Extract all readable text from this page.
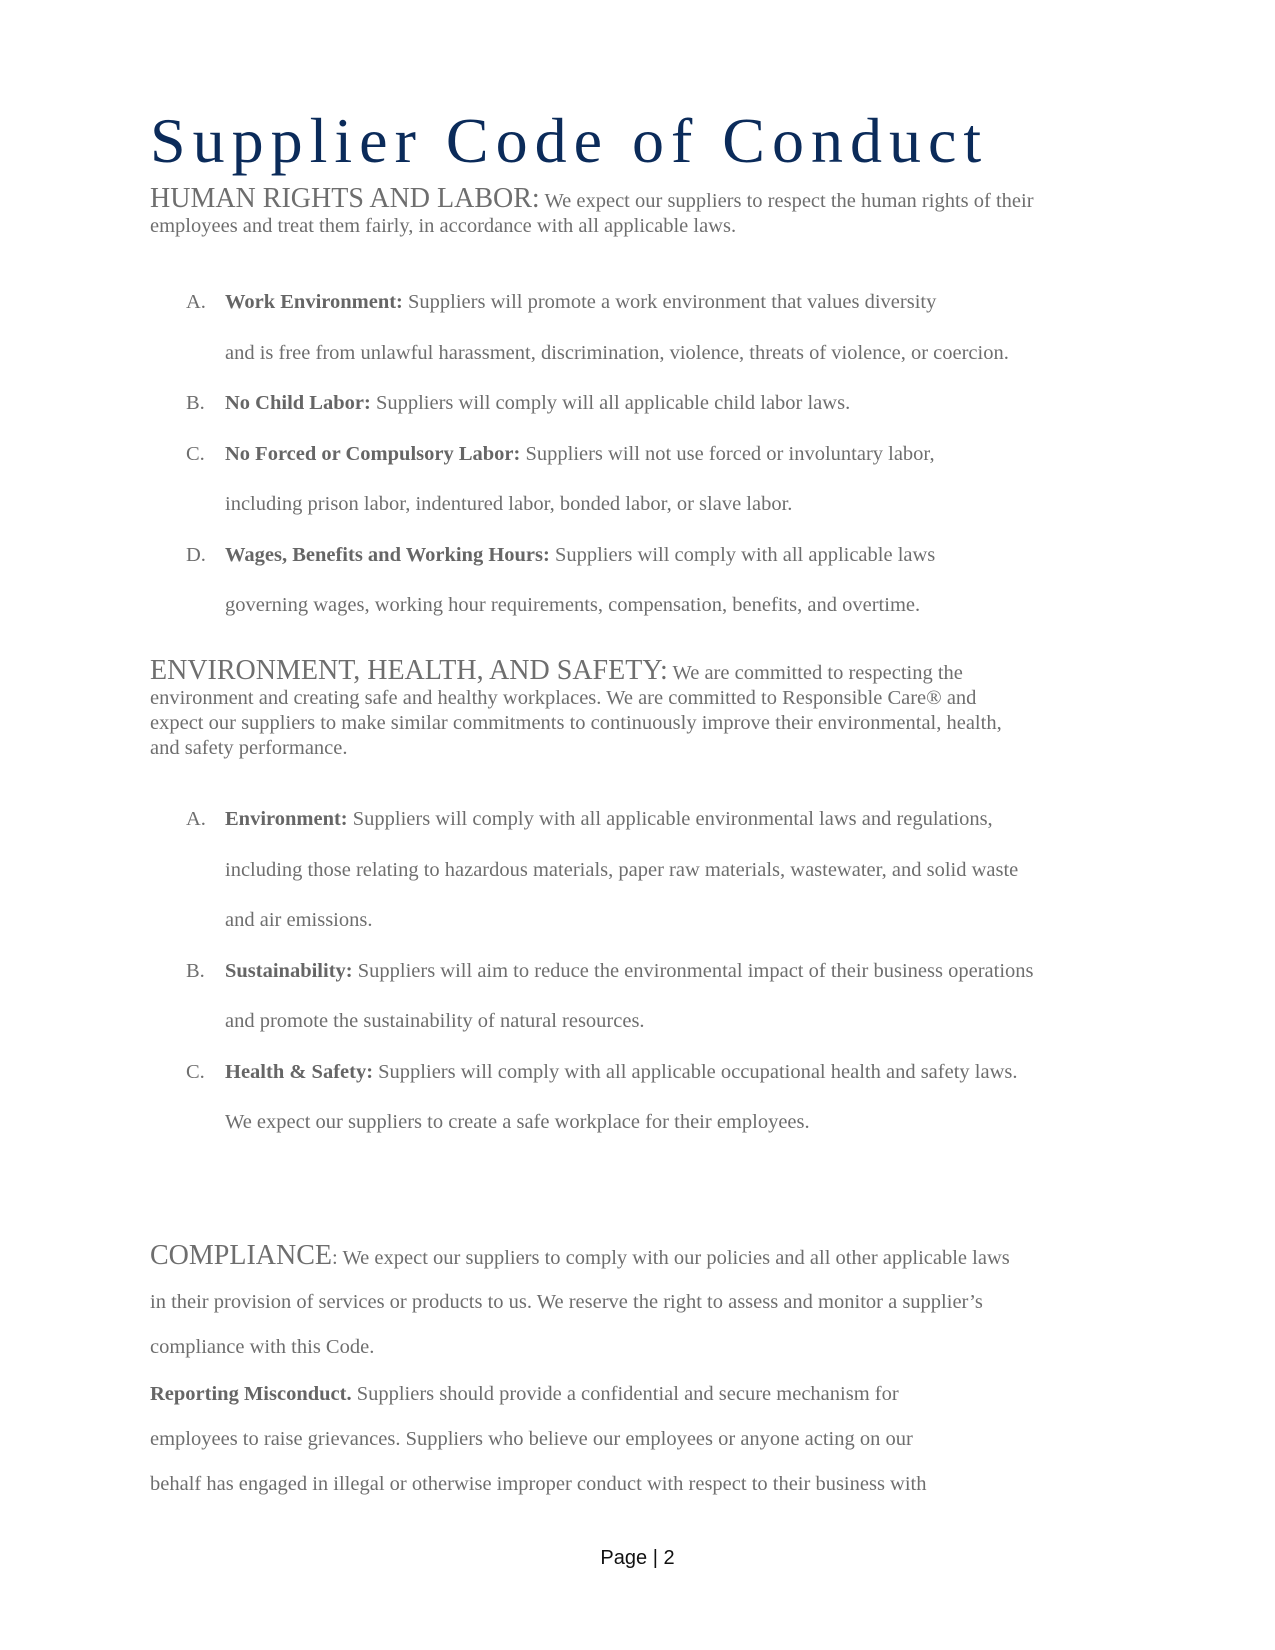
Supplier Code of Conduct

HUMAN RIGHTS AND LABOR: We expect our suppliers to respect the human rights of their
employees and treat them fairly, in accordance with all applicable laws.

A. Work Environment: Suppliers will promote a work environment that values diversity
and is free from unlawful harassment, discrimination, violence, threats of violence, or coercion.
B. No Child Labor: Suppliers will comply will all applicable child labor laws.
C. No Forced or Compulsory Labor: Suppliers will not use forced or involuntary labor,
including prison labor, indentured labor, bonded labor, or slave labor.
D. Wages, Benefits and Working Hours: Suppliers will comply with all applicable laws
governing wages, working hour requirements, compensation, benefits, and overtime.

ENVIRONMENT, HEALTH, AND SAFETY: We are committed to respecting the
environment and creating safe and healthy workplaces. We are committed to Responsible Care® and
expect our suppliers to make similar commitments to continuously improve their environmental, health,
and safety performance.

A. Environment: Suppliers will comply with all applicable environmental laws and regulations,
including those relating to hazardous materials, paper raw materials, wastewater, and solid waste
and air emissions.
B. Sustainability: Suppliers will aim to reduce the environmental impact of their business operations
and promote the sustainability of natural resources.
C. Health & Safety: Suppliers will comply with all applicable occupational health and safety laws.
We expect our suppliers to create a safe workplace for their employees.

COMPLIANCE: We expect our suppliers to comply with our policies and all other applicable laws
in their provision of services or products to us. We reserve the right to assess and monitor a supplier’s
compliance with this Code.

Reporting Misconduct. Suppliers should provide a confidential and secure mechanism for
employees to raise grievances. Suppliers who believe our employees or anyone acting on our
behalf has engaged in illegal or otherwise improper conduct with respect to their business with

Page | 2
